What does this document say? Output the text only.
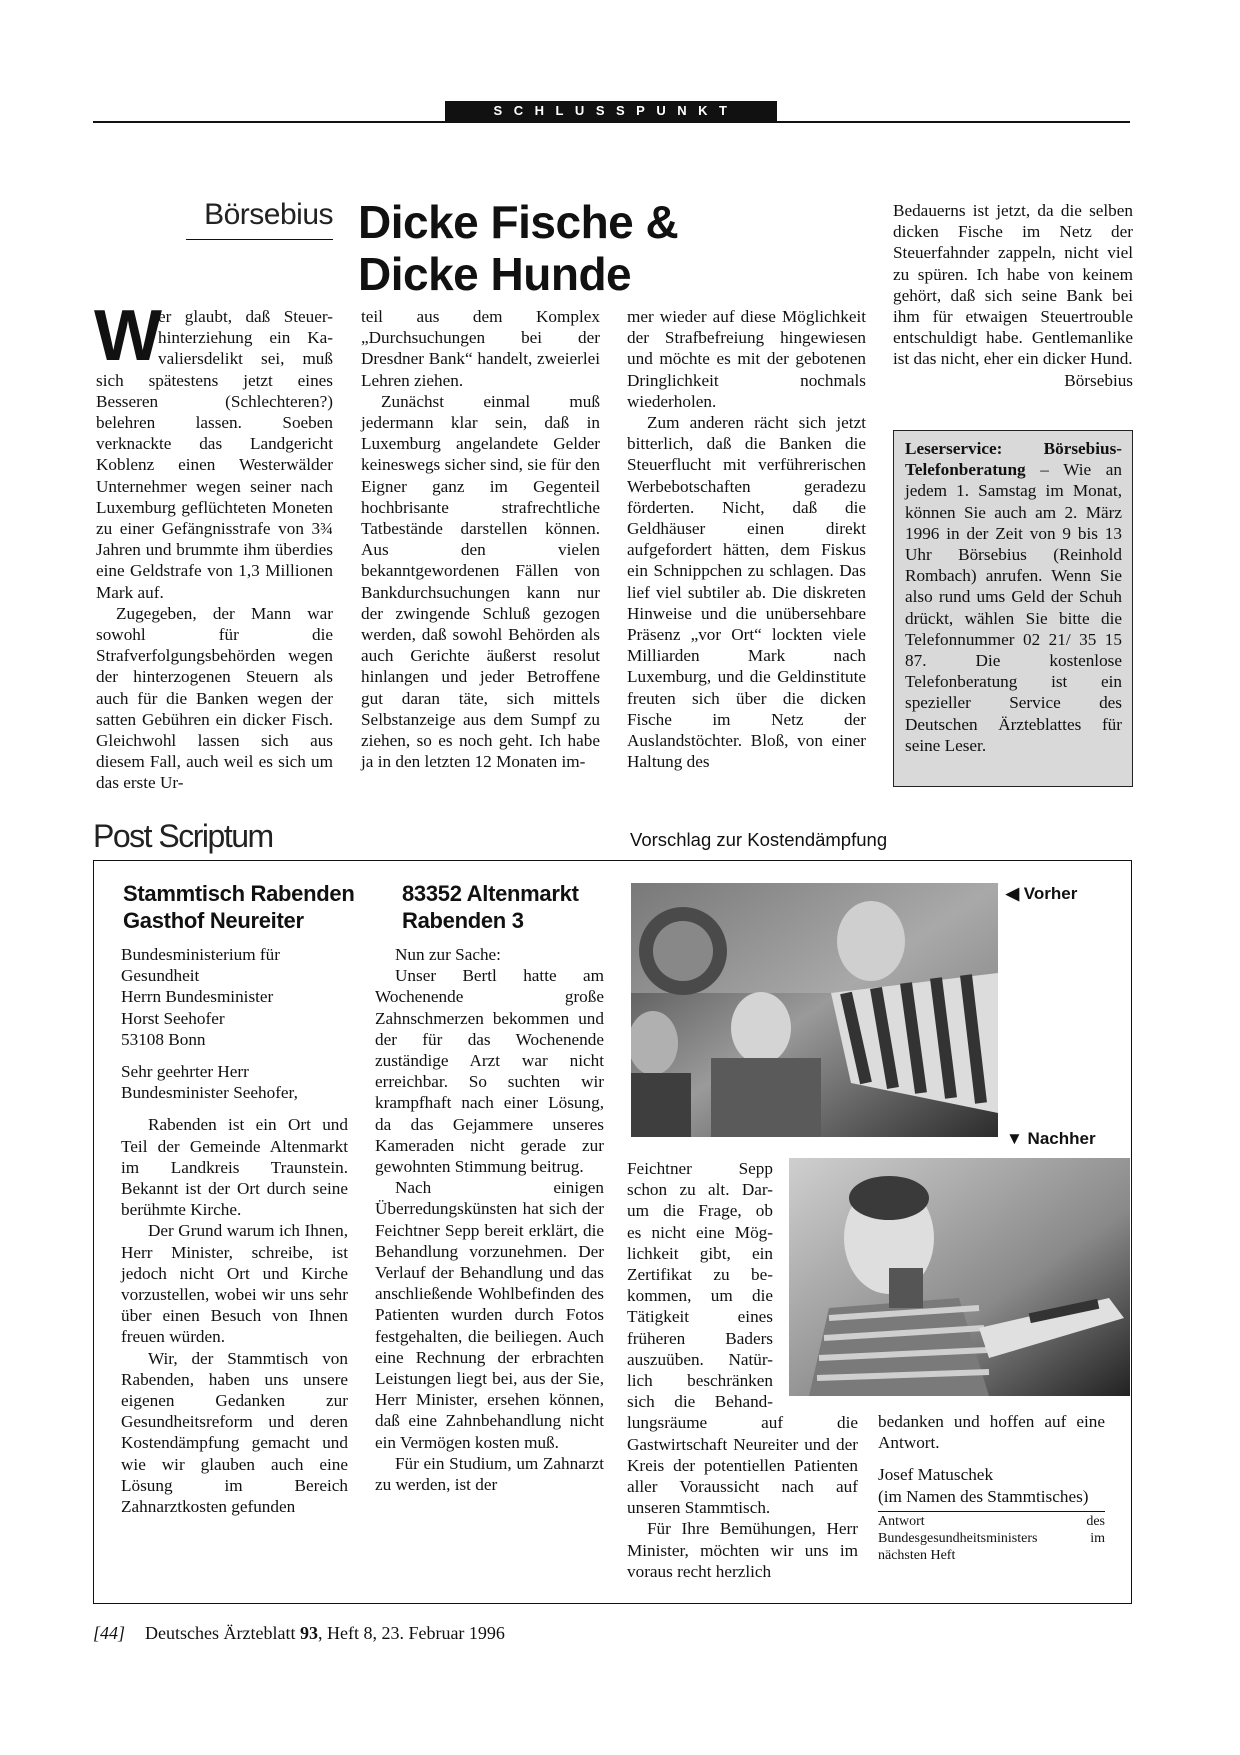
SCHLUSSPUNKT
Börsebius Dicke Fische &
Dicke Hunde
W
er glaubt, daß Steuer-
hinterziehung ein Ka-
valiersdelikt sei, muß

sich spätestens jetzt eines Besseren (Schlechteren?) belehren lassen. Soeben verknackte das Landgericht Koblenz einen Westerwälder Unternehmer wegen seiner nach Luxemburg geflüchteten Moneten zu einer Gefängnisstrafe von 3¾ Jahren und brummte ihm überdies eine Geldstrafe von 1,3 Millionen Mark auf.

Zugegeben, der Mann war sowohl für die Strafverfolgungsbehörden wegen der hinterzogenen Steuern als auch für die Banken wegen der satten Gebühren ein dicker Fisch. Gleichwohl lassen sich aus diesem Fall, auch weil es sich um das erste Ur-

teil aus dem Komplex „Durchsuchungen bei der Dresdner Bank“ handelt, zweierlei Lehren ziehen.

Zunächst einmal muß jedermann klar sein, daß in Luxemburg angelandete Gelder keineswegs sicher sind, sie für den Eigner ganz im Gegenteil hochbrisante strafrechtliche Tatbestände darstellen können. Aus den vielen bekanntgewordenen Fällen von Bankdurchsuchungen kann nur der zwingende Schluß gezogen werden, daß sowohl Behörden als auch Gerichte äußerst resolut hinlangen und jeder Betroffene gut daran täte, sich mittels Selbstanzeige aus dem Sumpf zu ziehen, so es noch geht. Ich habe ja in den letzten 12 Monaten im-

mer wieder auf diese Möglichkeit der Strafbefreiung hingewiesen und möchte es mit der gebotenen Dringlichkeit nochmals wiederholen.

Zum anderen rächt sich jetzt bitterlich, daß die Banken die Steuerflucht mit verführerischen Werbebotschaften geradezu förderten. Nicht, daß die Geldhäuser einen direkt aufgefordert hätten, dem Fiskus ein Schnippchen zu schlagen. Das lief viel subtiler ab. Die diskreten Hinweise und die unübersehbare Präsenz „vor Ort“ lockten viele Milliarden Mark nach Luxemburg, und die Geldinstitute freuten sich über die dicken Fische im Netz der Auslandstöchter. Bloß, von einer Haltung des

Bedauerns ist jetzt, da die selben dicken Fische im Netz der Steuerfahnder zappeln, nicht viel zu spüren. Ich habe von keinem gehört, daß sich seine Bank bei ihm für etwaigen Steuertrouble entschuldigt habe. Gentlemanlike ist das nicht, eher ein dicker Hund.
Börsebius

Leserservice: Börsebius-Telefonberatung – Wie an jedem 1. Samstag im Monat, können Sie auch am 2. März 1996 in der Zeit von 9 bis 13 Uhr Börsebius (Reinhold Rombach) anrufen. Wenn Sie also rund ums Geld der Schuh drückt, wählen Sie bitte die Telefonnummer 02 21/ 35 15 87. Die kostenlose Telefonberatung ist ein spezieller Service des Deutschen Ärzteblattes für seine Leser.

Post Scriptum	Vorschlag zur Kostendämpfung
Stammtisch Rabenden
Gasthof Neureiter
Bundesministerium für
Gesundheit
Herrn Bundesminister
Horst Seehofer
53108 Bonn
Sehr geehrter Herr
Bundesminister Seehofer,

Rabenden ist ein Ort und Teil der Gemeinde Altenmarkt im Landkreis Traunstein. Bekannt ist der Ort durch seine berühmte Kirche.

Der Grund warum ich Ihnen, Herr Minister, schreibe, ist jedoch nicht Ort und Kirche vorzustellen, wobei wir uns sehr über einen Besuch von Ihnen freuen würden.

Wir, der Stammtisch von Rabenden, haben uns unsere eigenen Gedanken zur Gesundheitsreform und deren Kostendämpfung gemacht und wie wir glauben auch eine Lösung im Bereich Zahnarztkosten gefunden

83352 Altenmarkt
Rabenden 3

Nun zur Sache:

Unser Bertl hatte am Wochenende große Zahnschmerzen bekommen und der für das Wochenende zuständige Arzt war nicht erreichbar. So suchten wir krampfhaft nach einer Lösung, da das Gejammere unseres Kameraden nicht gerade zur gewohnten Stimmung beitrug.

Nach einigen Überredungskünsten hat sich der Feichtner Sepp bereit erklärt, die Behandlung vorzunehmen. Der Verlauf der Behandlung und das anschließende Wohlbefinden des Patienten wurden durch Fotos festgehalten, die beiliegen. Auch eine Rechnung der erbrachten Leistungen liegt bei, aus der Sie, Herr Minister, ersehen können, daß eine Zahnbehandlung nicht ein Vermögen kosten muß.

Für ein Studium, um Zahnarzt zu werden, ist der

◀ Vorher
▼ Nachher
Feichtner Sepp
schon zu alt. Dar-
um die Frage, ob
es nicht eine Mög-
lichkeit gibt, ein
Zertifikat zu be-
kommen, um die
Tätigkeit eines
früheren Baders
auszuüben. Natür-
lich beschränken
sich die Behand-

lungsräume auf die Gastwirtschaft Neureiter und der Kreis der potentiellen Patienten aller Voraussicht nach auf unseren Stammtisch.

Für Ihre Bemühungen, Herr Minister, möchten wir uns im voraus recht herzlich

bedanken und hoffen auf eine Antwort.

Josef Matuschek
(im Namen des Stammtisches)
Antwort des Bundesgesundheitsministers im nächsten Heft
[44] Deutsches Ärzteblatt 93, Heft 8, 23. Februar 1996
